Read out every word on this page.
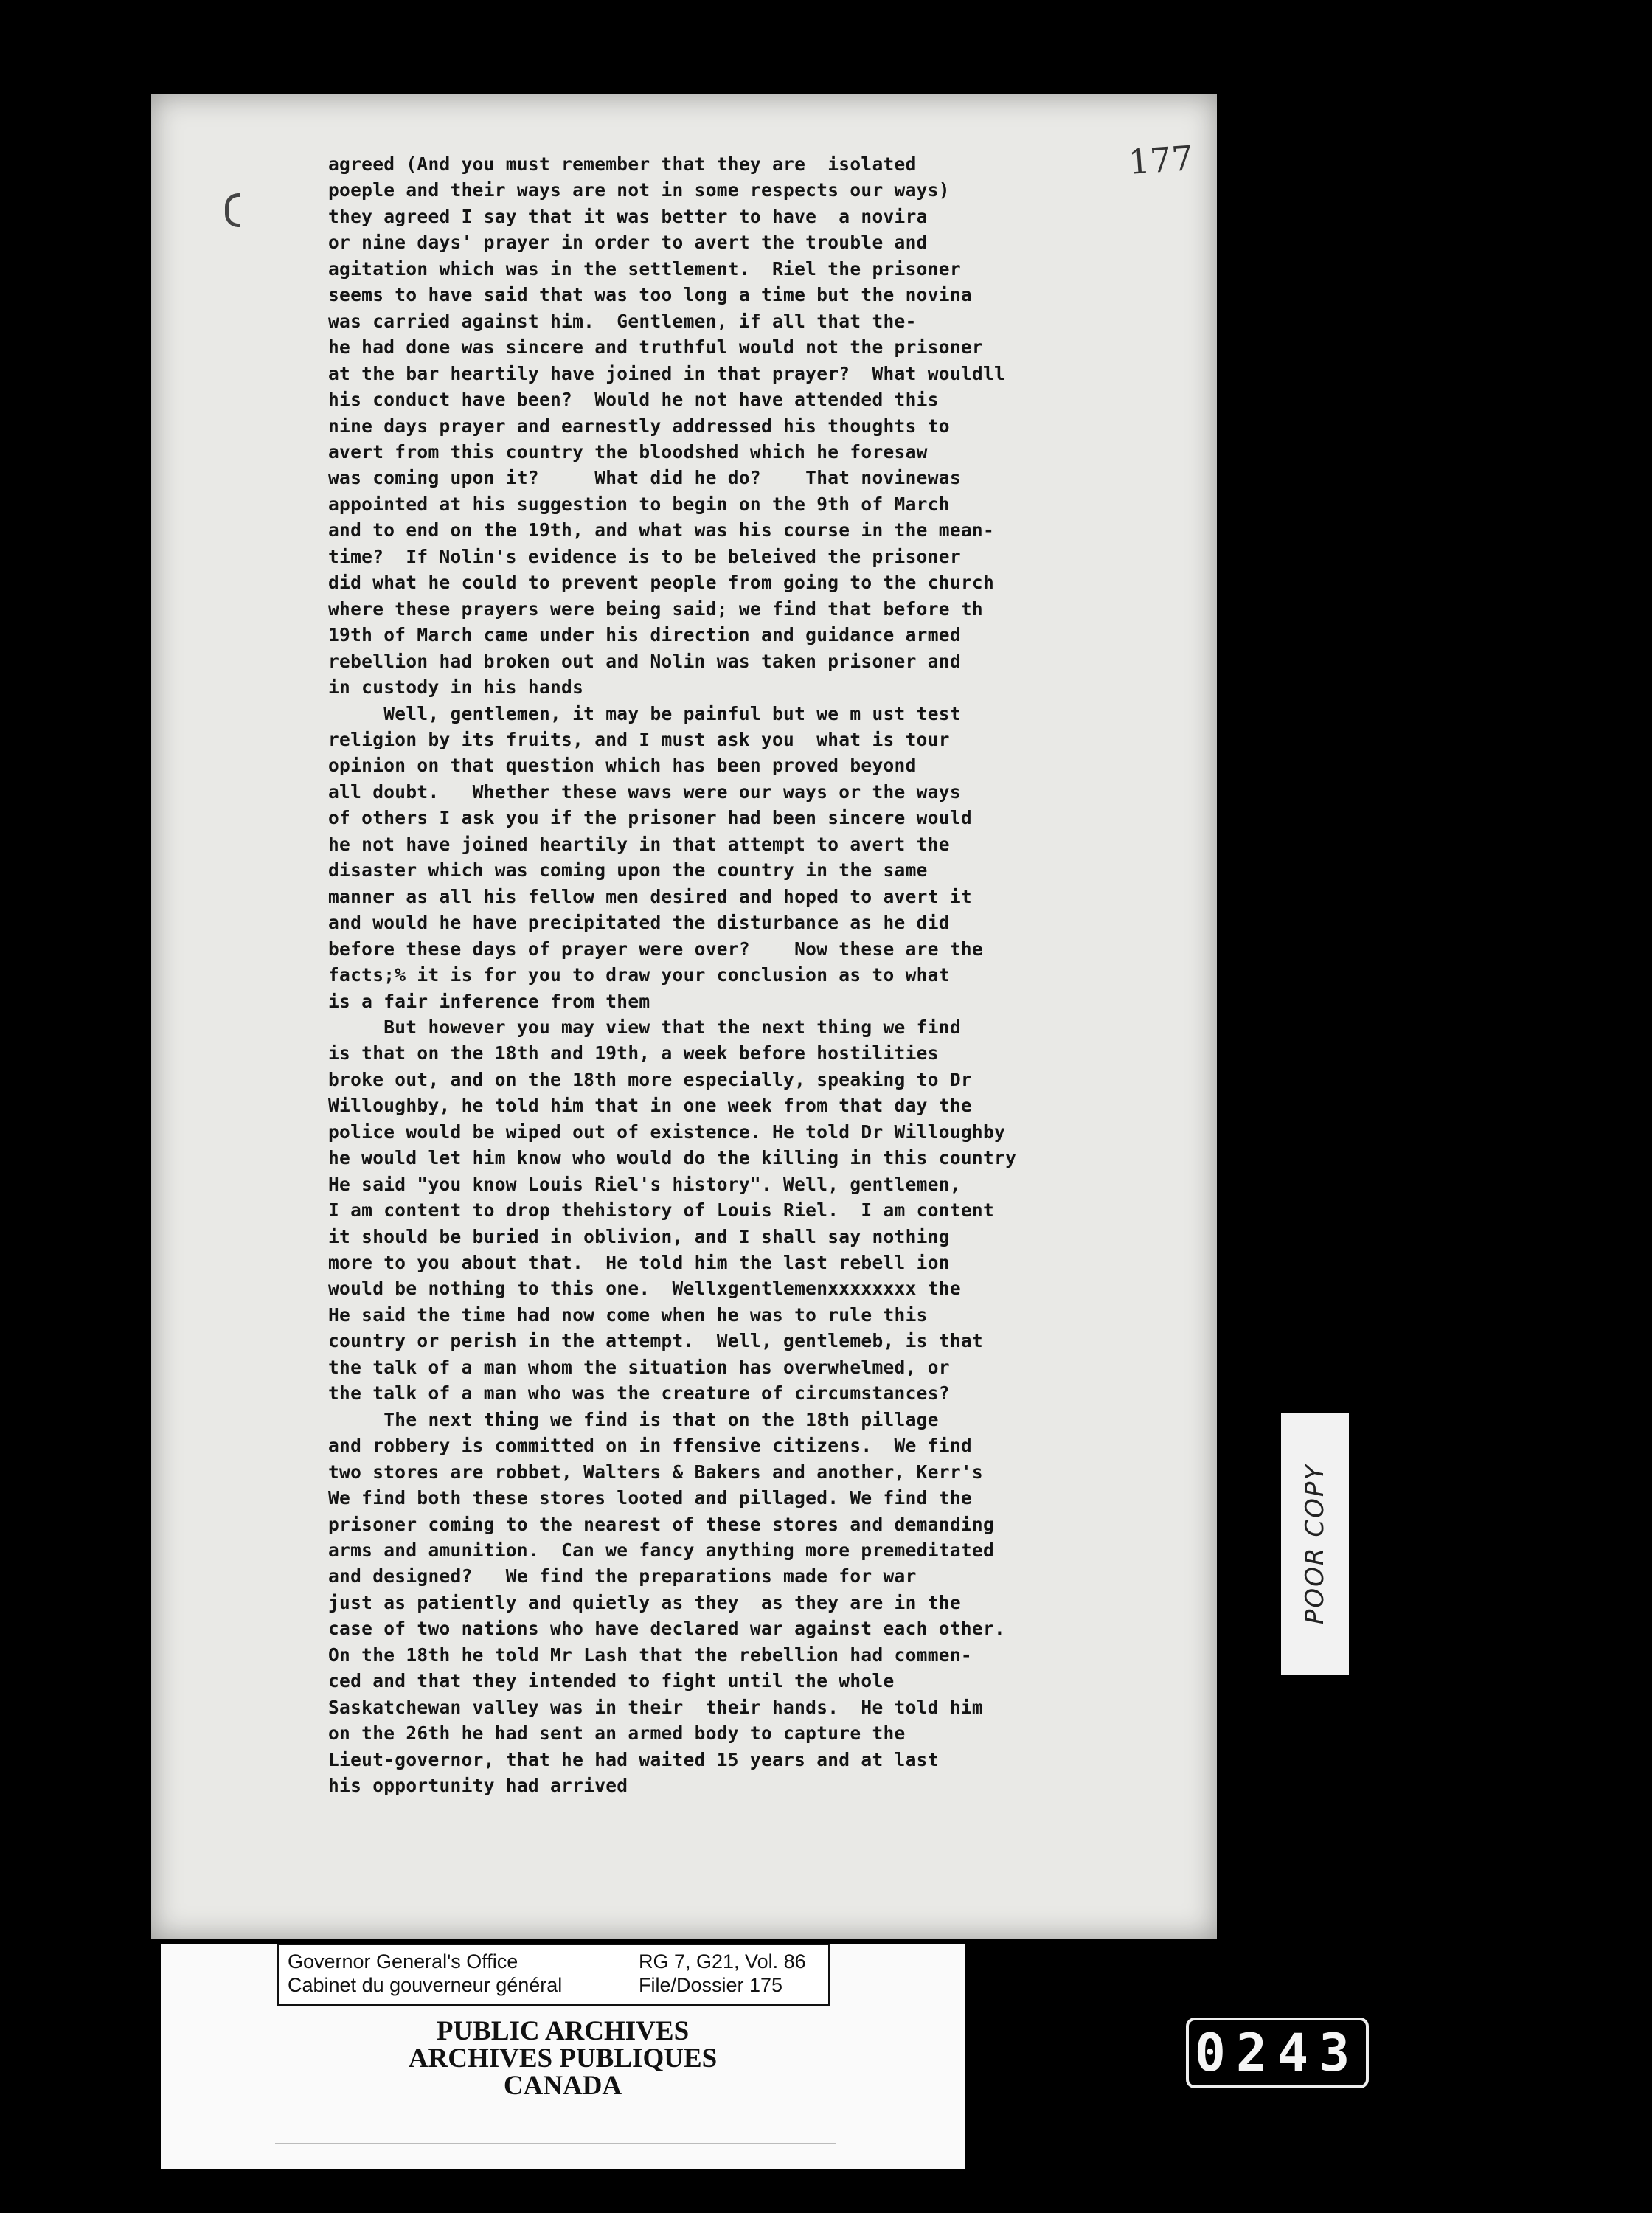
177
agreed (And you must remember that they are  isolated
poeple and their ways are not in some respects our ways)
they agreed I say that it was better to have  a novira
or nine days' prayer in order to avert the trouble and
agitation which was in the settlement.  Riel the prisoner
seems to have said that was too long a time but the novina
was carried against him.  Gentlemen, if all that the-
he had done was sincere and truthful would not the prisoner
at the bar heartily have joined in that prayer?  What wouldll
his conduct have been?  Would he not have attended this
nine days prayer and earnestly addressed his thoughts to
avert from this country the bloodshed which he foresaw
was coming upon it?     What did he do?    That novinewas
appointed at his suggestion to begin on the 9th of March
and to end on the 19th, and what was his course in the mean-
time?  If Nolin's evidence is to be beleived the prisoner
did what he could to prevent people from going to the church
where these prayers were being said; we find that before th
19th of March came under his direction and guidance armed
rebellion had broken out and Nolin was taken prisoner and
in custody in his hands
Well, gentlemen, it may be painful but we m ust test
religion by its fruits, and I must ask you  what is tour
opinion on that question which has been proved beyond
all doubt.   Whether these wavs were our ways or the ways
of others I ask you if the prisoner had been sincere would
he not have joined heartily in that attempt to avert the
disaster which was coming upon the country in the same
manner as all his fellow men desired and hoped to avert it
and would he have precipitated the disturbance as he did
before these days of prayer were over?    Now these are the
facts;% it is for you to draw your conclusion as to what
is a fair inference from them
But however you may view that the next thing we find
is that on the 18th and 19th, a week before hostilities
broke out, and on the 18th more especially, speaking to Dr
Willoughby, he told him that in one week from that day the
police would be wiped out of existence. He told Dr Willoughby
he would let him know who would do the killing in this country
He said "you know Louis Riel's history". Well, gentlemen,
I am content to drop thehistory of Louis Riel.  I am content
it should be buried in oblivion, and I shall say nothing
more to you about that.  He told him the last rebell ion
would be nothing to this one.  Wellxgentlemenxxxxxxxx the
He said the time had now come when he was to rule this
country or perish in the attempt.  Well, gentlemeb, is that
the talk of a man whom the situation has overwhelmed, or
the talk of a man who was the creature of circumstances?
The next thing we find is that on the 18th pillage
and robbery is committed on in ffensive citizens.  We find
two stores are robbet, Walters & Bakers and another, Kerr's
We find both these stores looted and pillaged. We find the
prisoner coming to the nearest of these stores and demanding
arms and amunition.  Can we fancy anything more premeditated
and designed?   We find the preparations made for war
just as patiently and quietly as they  as they are in the
case of two nations who have declared war against each other.
On the 18th he told Mr Lash that the rebellion had commen-
ced and that they intended to fight until the whole
Saskatchewan valley was in their  their hands.  He told him
on the 26th he had sent an armed body to capture the
Lieut-governor, that he had waited 15 years and at last
his opportunity had arrived
POOR COPY
Governor General's Office
Cabinet du gouverneur général
RG 7, G21, Vol. 86
File/Dossier 175
PUBLIC ARCHIVES
ARCHIVES PUBLIQUES
CANADA
0243
